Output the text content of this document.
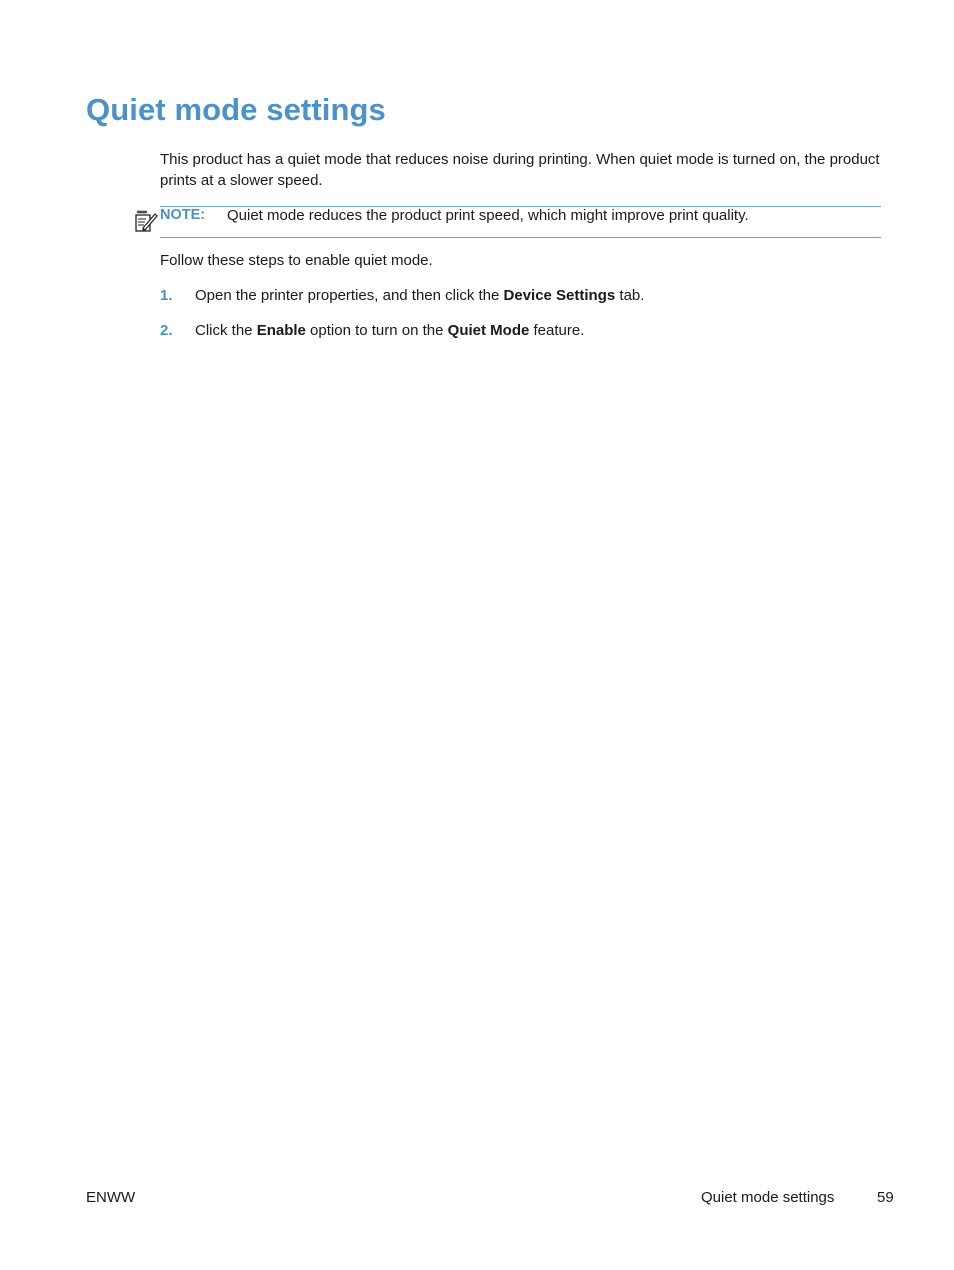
Quiet mode settings

This product has a quiet mode that reduces noise during printing. When quiet mode is turned on, the product prints at a slower speed.

NOTE: Quiet mode reduces the product print speed, which might improve print quality.

Follow these steps to enable quiet mode.

1. Open the printer properties, and then click the Device Settings tab.
2. Click the Enable option to turn on the Quiet Mode feature.
ENWW	Quiet mode settings	59
